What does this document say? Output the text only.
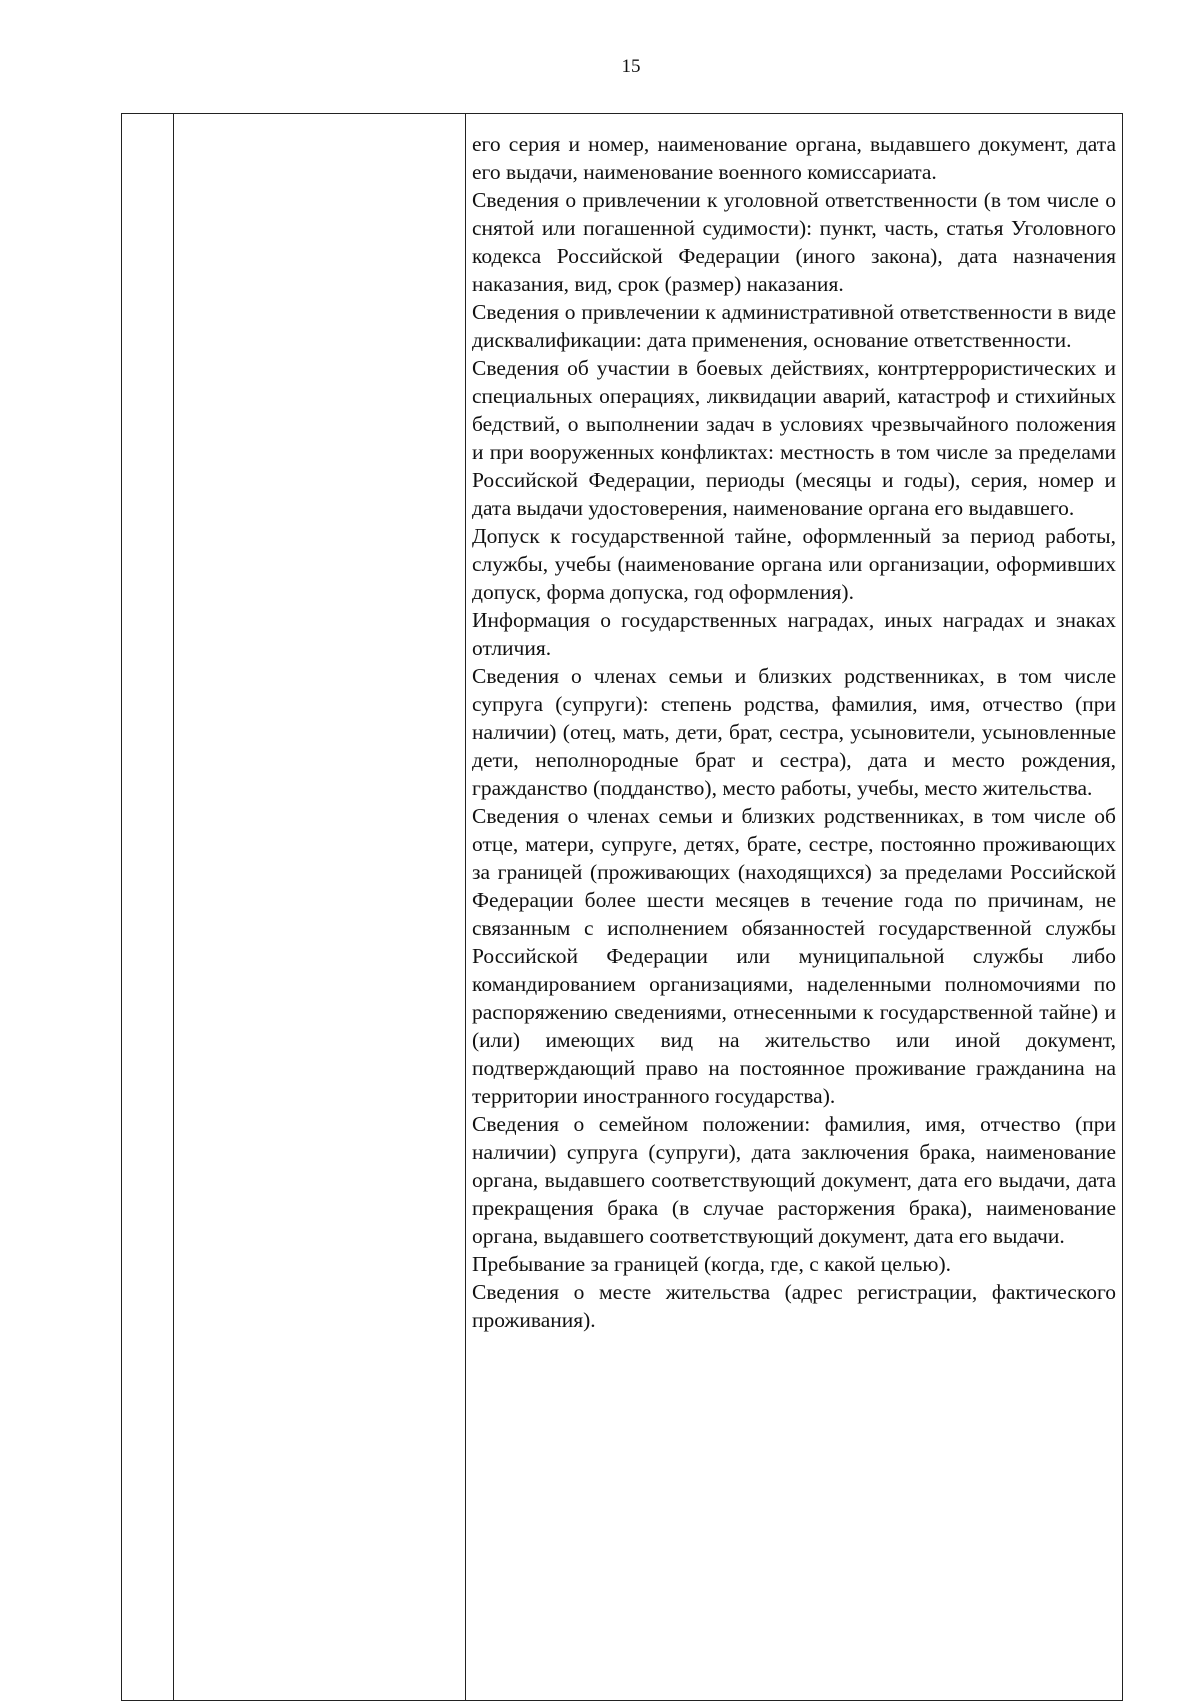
15

его серия и номер, наименование органа, выдавшего документ, дата его выдачи, наименование военного комиссариата.

Сведения о привлечении к уголовной ответственности (в том числе о снятой или погашенной судимости): пункт, часть, статья Уголовного кодекса Российской Федерации (иного закона), дата назначения наказания, вид, срок (размер) наказания.

Сведения о привлечении к административной ответственности в виде дисквалификации: дата применения, основание ответственности.

Сведения об участии в боевых действиях, контртеррористических и специальных операциях, ликвидации аварий, катастроф и стихийных бедствий, о выполнении задач в условиях чрезвычайного положения и при вооруженных конфликтах: местность в том числе за пределами Российской Федерации, периоды (месяцы и годы), серия, номер и дата выдачи удостоверения, наименование органа его выдавшего.

Допуск к государственной тайне, оформленный за период работы, службы, учебы (наименование органа или организации, оформивших допуск, форма допуска, год оформления).

Информация о государственных наградах, иных наградах и знаках отличия.

Сведения о членах семьи и близких родственниках, в том числе супруга (супруги): степень родства, фамилия, имя, отчество (при наличии) (отец, мать, дети, брат, сестра, усыновители, усыновленные дети, неполнородные брат и сестра), дата и место рождения, гражданство (подданство), место работы, учебы, место жительства.

Сведения о членах семьи и близких родственниках, в том числе об отце, матери, супруге, детях, брате, сестре, постоянно проживающих за границей (проживающих (находящихся) за пределами Российской Федерации более шести месяцев в течение года по причинам, не связанным с исполнением обязанностей государственной службы Российской Федерации или муниципальной службы либо командированием организациями, наделенными полномочиями по распоряжению сведениями, отнесенными к государственной тайне) и (или) имеющих вид на жительство или иной документ, подтверждающий право на постоянное проживание гражданина на территории иностранного государства).

Сведения о семейном положении: фамилия, имя, отчество (при наличии) супруга (супруги), дата заключения брака, наименование органа, выдавшего соответствующий документ, дата его выдачи, дата прекращения брака (в случае расторжения брака), наименование органа, выдавшего соответствующий документ, дата его выдачи.

Пребывание за границей (когда, где, с какой целью).

Сведения о месте жительства (адрес регистрации, фактического проживания).
